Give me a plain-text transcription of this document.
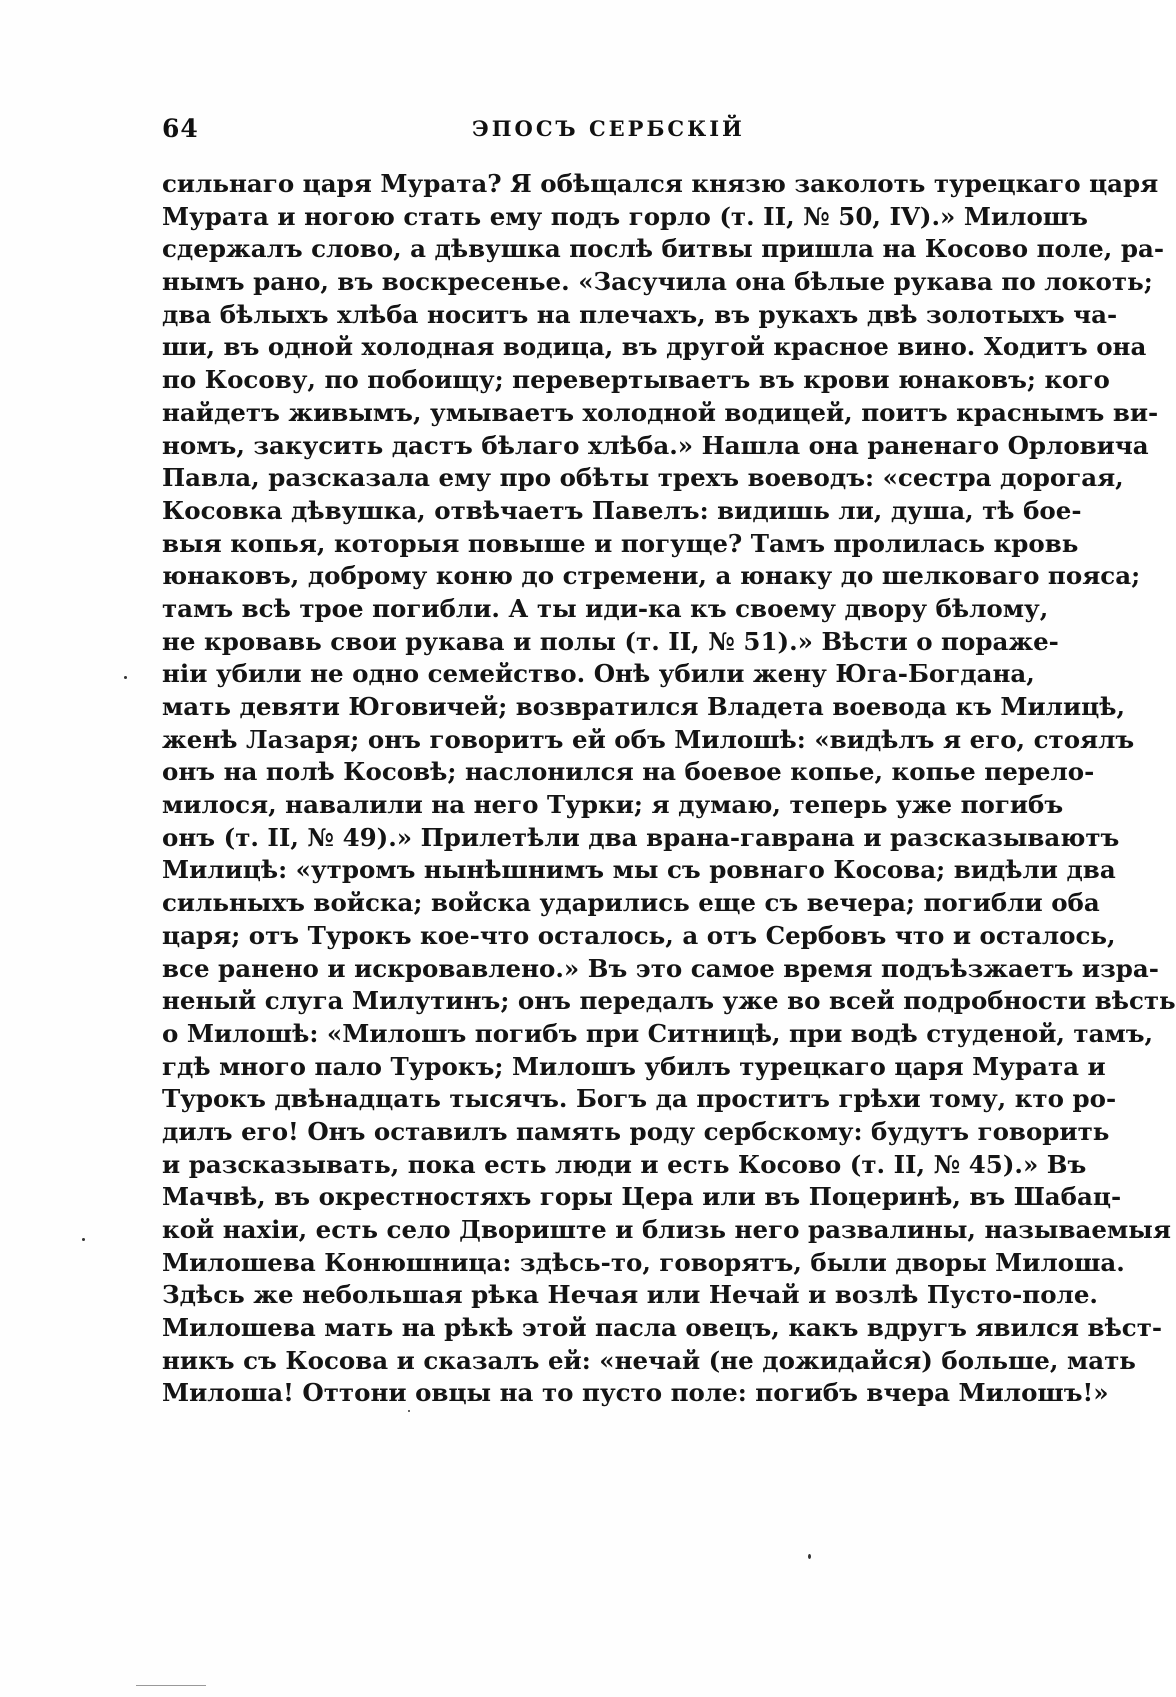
64	ЭПОСЪ СЕРБСКІЙ
сильнаго царя Мурата? Я обѣщался князю заколоть турецкаго царя
Мурата и ногою стать ему подъ горло (т. II, № 50, IV).» Милошъ
сдержалъ слово, а дѣвушка послѣ битвы пришла на Косово поле, ра-
нымъ рано, въ воскресенье. «Засучила она бѣлые рукава по локоть;
два бѣлыхъ хлѣба носитъ на плечахъ, въ рукахъ двѣ золотыхъ ча-
ши, въ одной холодная водица, въ другой красное вино. Ходитъ она
по Косову, по побоищу; перевертываетъ въ крови юнаковъ; кого
найдетъ живымъ, умываетъ холодной водицей, поитъ краснымъ ви-
номъ, закусить дастъ бѣлаго хлѣба.» Нашла она раненаго Орловича
Павла, разсказала ему про обѣты трехъ воеводъ: «сестра дорогая,
Косовка дѣвушка, отвѣчаетъ Павелъ: видишь ли, душа, тѣ бое-
выя копья, которыя повыше и погуще? Тамъ пролилась кровь
юнаковъ, доброму коню до стремени, а юнаку до шелковаго пояса;
тамъ всѣ трое погибли. А ты иди-ка къ своему двору бѣлому,
не кровавь свои рукава и полы (т. II, № 51).» Вѣсти о пораже-
ніи убили не одно семейство. Онѣ убили жену Юга-Богдана,
мать девяти Юговичей; возвратился Владета воевода къ Милицѣ,
женѣ Лазаря; онъ говоритъ ей объ Милошѣ: «видѣлъ я его, стоялъ
онъ на полѣ Косовѣ; наслонился на боевое копье, копье перело-
милося, навалили на него Турки; я думаю, теперь уже погибъ
онъ (т. II, № 49).» Прилетѣли два врана-гаврана и разсказываютъ
Милицѣ: «утромъ нынѣшнимъ мы съ ровнаго Косова; видѣли два
сильныхъ войска; войска ударились еще съ вечера; погибли оба
царя; отъ Турокъ кое-что осталось, а отъ Сербовъ что и осталось,
все ранено и искровавлено.» Въ это самое время подъѣзжаетъ изра-
неный слуга Милутинъ; онъ передалъ уже во всей подробности вѣсть
о Милошѣ: «Милошъ погибъ при Ситницѣ, при водѣ студеной, тамъ,
гдѣ много пало Турокъ; Милошъ убилъ турецкаго царя Мурата и
Турокъ двѣнадцать тысячъ. Богъ да проститъ грѣхи тому, кто ро-
дилъ его! Онъ оставилъ память роду сербскому: будутъ говорить
и разсказывать, пока есть люди и есть Косово (т. II, № 45).» Въ
Мачвѣ, въ окрестностяхъ горы Цера или въ Поцеринѣ, въ Шабац-
кой нахіи, есть село Двориште и близь него развалины, называемыя
Милошева Конюшница: здѣсь-то, говорятъ, были дворы Милоша.
Здѣсь же небольшая рѣка Нечая или Нечай и возлѣ Пусто-поле.
Милошева мать на рѣкѣ этой пасла овецъ, какъ вдругъ явился вѣст-
никъ съ Косова и сказалъ ей: «нечай (не дожидайся) больше, мать
Милоша! Оттони овцы на то пусто поле: погибъ вчера Милошъ!»
